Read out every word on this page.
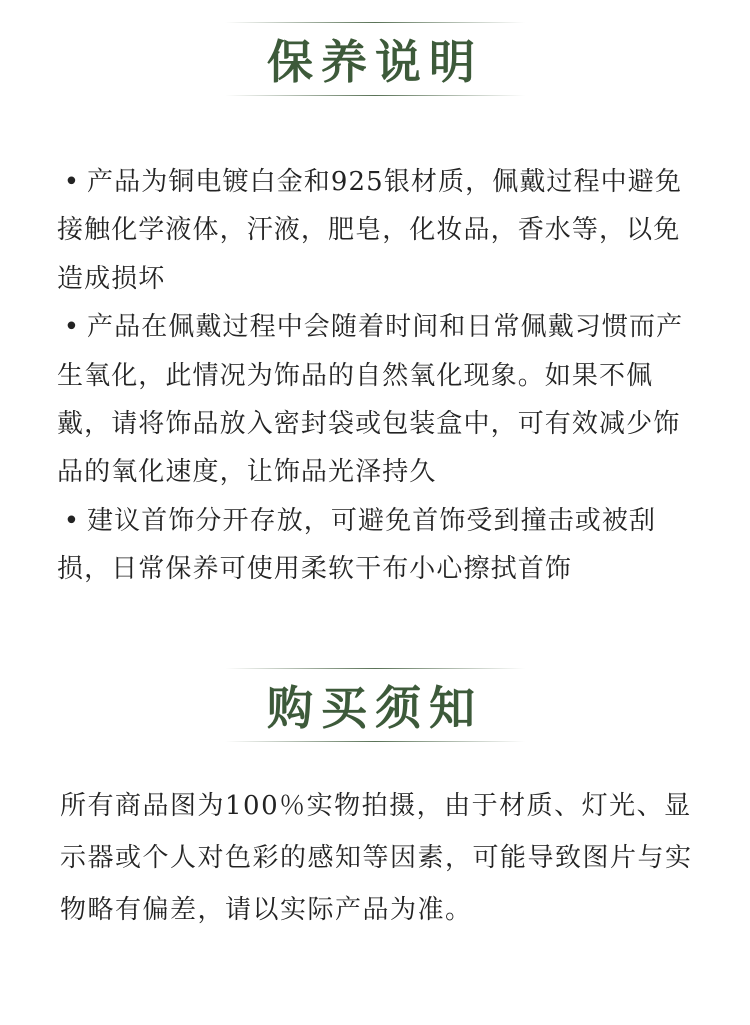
保养说明
• 产品为铜电镀白金和925银材质，佩戴过程中避免接触化学液体，汗液，肥皂，化妆品，香水等，以免造成损坏
• 产品在佩戴过程中会随着时间和日常佩戴习惯而产生氧化，此情况为饰品的自然氧化现象。如果不佩戴，请将饰品放入密封袋或包装盒中，可有效减少饰品的氧化速度，让饰品光泽持久
• 建议首饰分开存放，可避免首饰受到撞击或被刮损，日常保养可使用柔软干布小心擦拭首饰
购买须知

所有商品图为100％实物拍摄，由于材质、灯光、显示器或个人对色彩的感知等因素，可能导致图片与实物略有偏差，请以实际产品为准。
